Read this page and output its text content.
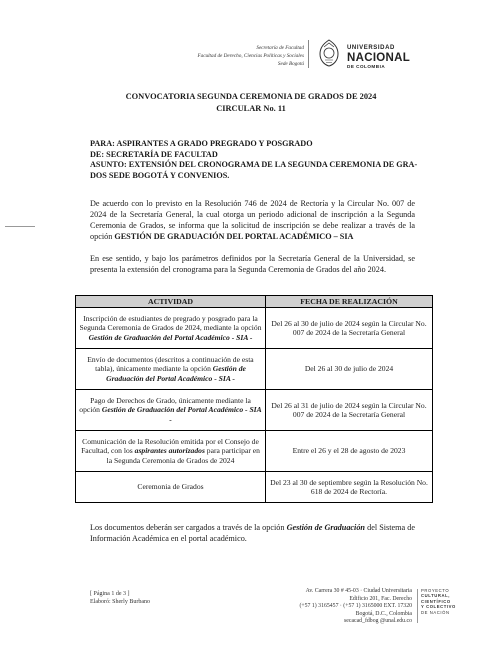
Secretaría de Facultad
Facultad de Derecho, Ciencias Políticas y Sociales
Sede Bogotá
UNIVERSIDAD
NACIONAL
DE COLOMBIA
CONVOCATORIA SEGUNDA CEREMONIA DE GRADOS DE 2024
CIRCULAR No. 11
PARA: ASPIRANTES A GRADO PREGRADO Y POSGRADO
DE: SECRETARÍA DE FACULTAD
ASUNTO: EXTENSIÓN DEL CRONOGRAMA DE LA SEGUNDA CEREMONIA DE GRA-
DOS SEDE BOGOTÁ Y CONVENIOS.
De acuerdo con lo previsto en la Resolución 746 de 2024 de Rectoría y la Circular No. 007 de 2024 de la Secretaría General, la cual otorga un periodo adicional de inscripción a la Segunda Ceremonia de Grados, se informa que la solicitud de inscripción se debe realizar a través de la opción GESTIÓN DE GRADUACIÓN DEL PORTAL ACADÉMICO – SIA
En ese sentido, y bajo los parámetros definidos por la Secretaría General de la Universidad, se presenta la extensión del cronograma para la Segunda Ceremonia de Grados del año 2024.
ACTIVIDAD	FECHA DE REALIZACIÓN
Inscripción de estudiantes de pregrado y posgrado para la Segunda Ceremonia de Grados de 2024, mediante la opción Gestión de Graduación del Portal Académico - SIA -	Del 26 al 30 de julio de 2024 según la Circular No. 007 de 2024 de la Secretaría General
Envío de documentos (descritos a continuación de esta tabla), únicamente mediante la opción Gestión de Graduación del Portal Académico - SIA -	Del 26 al 30 de julio de 2024
Pago de Derechos de Grado, únicamente mediante la opción Gestión de Graduación del Portal Académico - SIA -	Del 26 al 31 de julio de 2024 según la Circular No. 007 de 2024 de la Secretaría General
Comunicación de la Resolución emitida por el Consejo de Facultad, con los aspirantes autorizados para participar en la Segunda Ceremonia de Grados de 2024	Entre el 26 y el 28 de agosto de 2023
Ceremonia de Grados	Del 23 al 30 de septiembre según la Resolución No. 618 de 2024 de Rectoría.
Los documentos deberán ser cargados a través de la opción Gestión de Graduación del Sistema de Información Académica en el portal académico.
[ Página 1 de 3 ]
Elaboró: Sherly Burbano
Av. Carrera 30 # 45-03 · Ciudad Universitaria
Edificio 201, Fac. Derecho
(+57 1) 3165457 · (+57 1) 3165000 EXT. 17320
Bogotá, D.C., Colombia
secacad_fdbog @unal.edu.co
PROYECTO
CULTURAL,
CIENTÍFICO
Y COLECTIVO
DE NACIÓN
